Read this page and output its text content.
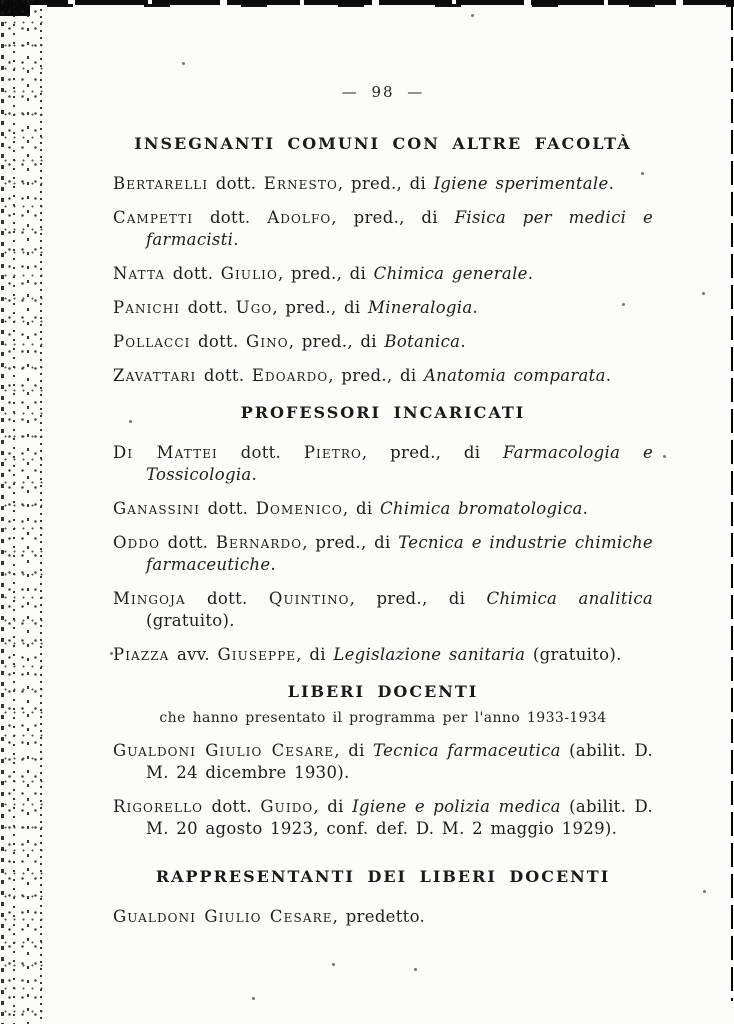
— 98 —
INSEGNANTI COMUNI CON ALTRE FACOLTÀ

Bertarelli dott. Ernesto, pred., di Igiene sperimentale.

Campetti dott. Adolfo, pred., di Fisica per medici e farmacisti.

Natta dott. Giulio, pred., di Chimica generale.

Panichi dott. Ugo, pred., di Mineralogia.

Pollacci dott. Gino, pred., di Botanica.

Zavattari dott. Edoardo, pred., di Anatomia comparata.

PROFESSORI INCARICATI

Di Mattei dott. Pietro, pred., di Farmacologia e Tossicologia.

Ganassini dott. Domenico, di Chimica bromatologica.

Oddo dott. Bernardo, pred., di Tecnica e industrie chimiche farmaceutiche.

Mingoja dott. Quintino, pred., di Chimica analitica (gratuito).

Piazza avv. Giuseppe, di Legislazione sanitaria (gratuito).

LIBERI DOCENTI

che hanno presentato il programma per l'anno 1933-1934

Gualdoni Giulio Cesare, di Tecnica farmaceutica (abilit. D. M. 24 dicembre 1930).

Rigorello dott. Guido, di Igiene e polizia medica (abilit. D. M. 20 agosto 1923, conf. def. D. M. 2 maggio 1929).

RAPPRESENTANTI DEI LIBERI DOCENTI

Gualdoni Giulio Cesare, predetto.
